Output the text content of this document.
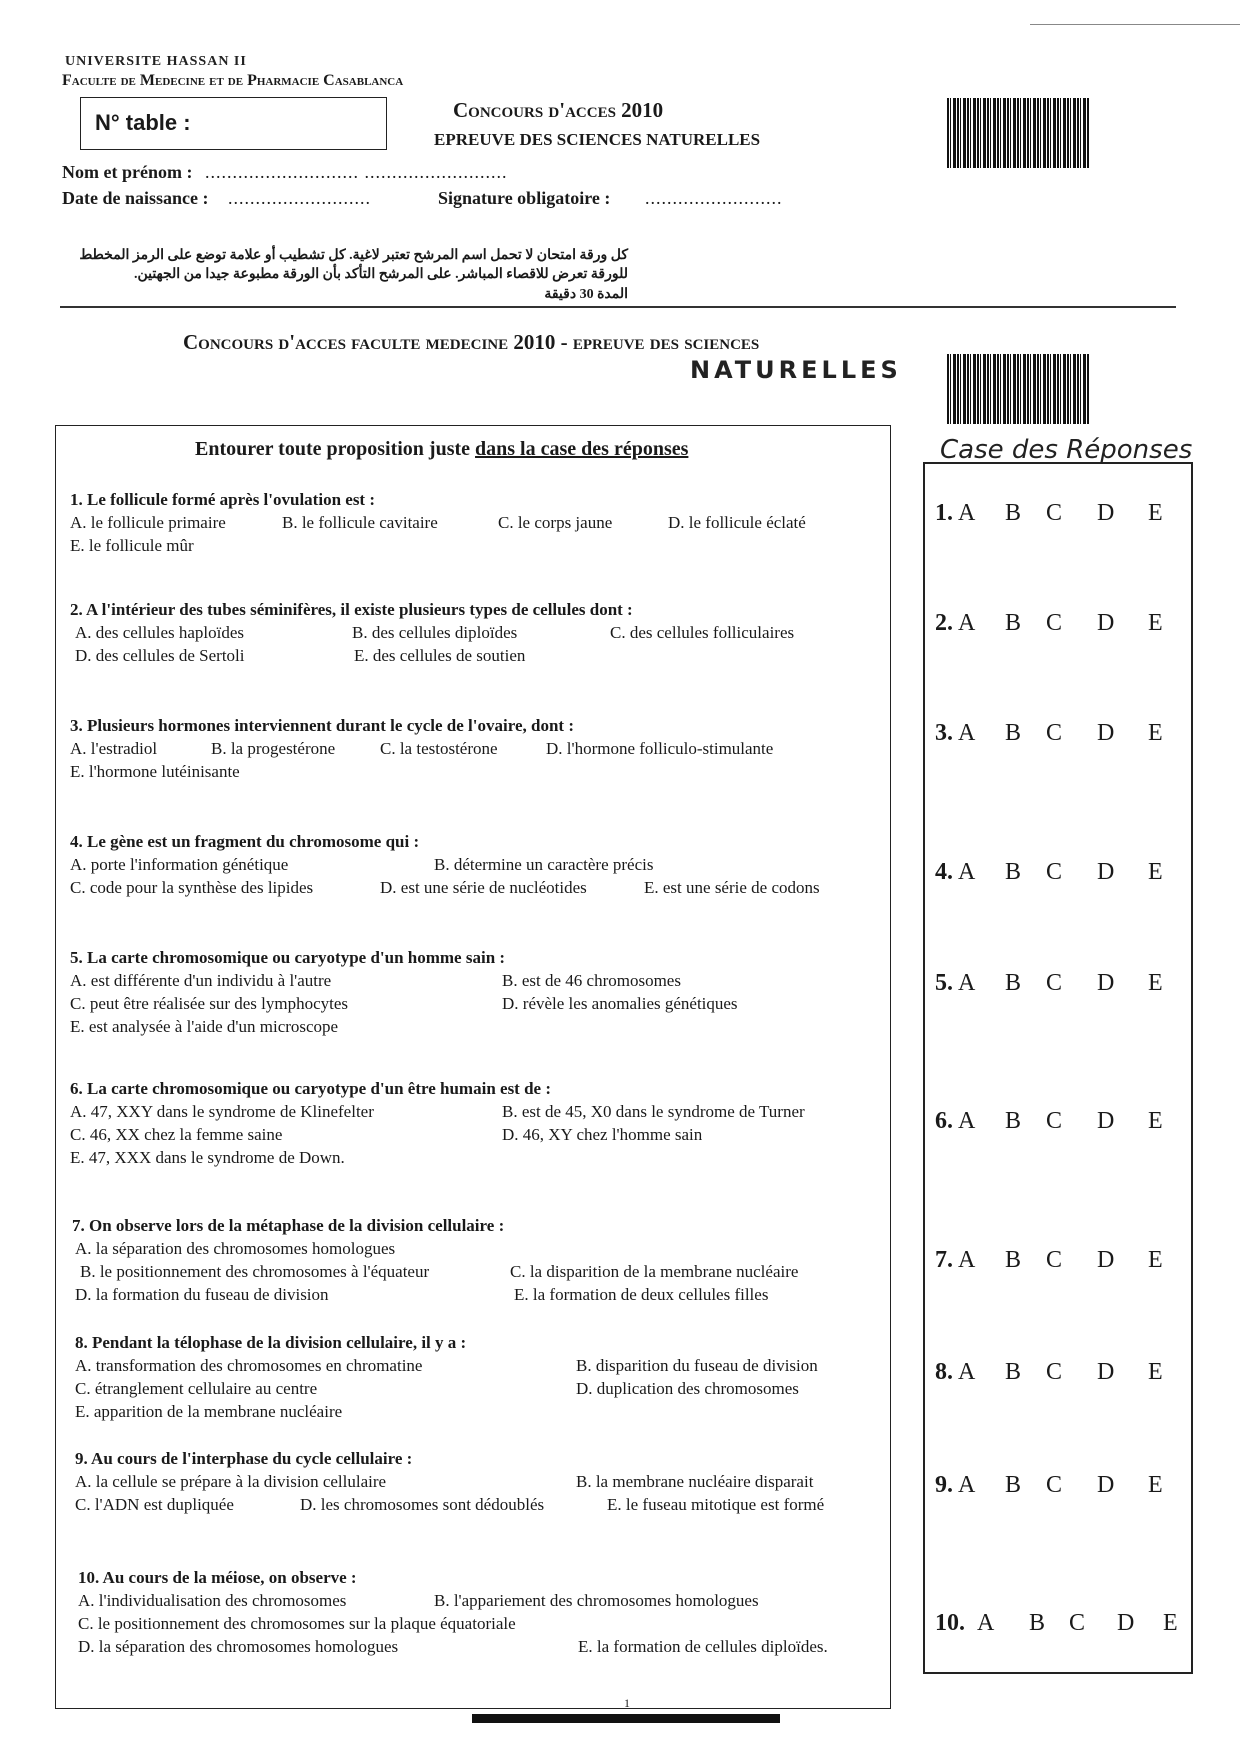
UNIVERSITE HASSAN II
Faculte de Medecine et de Pharmacie Casablanca
N° table :	Concours d'acces 2010
EPREUVE DES SCIENCES NATURELLES
Nom et prénom : ............................ ..........................
Date de naissance : ..........................	Signature obligatoire : .........................
كل ورقة امتحان لا تحمل اسم المرشح تعتبر لاغية. كل تشطيب أو علامة توضع على الرمز المخطط
للورقة تعرض للاقصاء المباشر. على المرشح التأكد بأن الورقة مطبوعة جيدا من الجهتين.
المدة 30 دقيقة
Concours d'acces faculte medecine 2010 - epreuve des sciences
NATURELLES
Entourer toute proposition juste dans la case des réponses	Case des Réponses
1. Le follicule formé après l'ovulation est :
A. le follicule primaire	B. le follicule cavitaire	C. le corps jaune	D. le follicule éclaté
E. le follicule mûr
2. A l'intérieur des tubes séminifères, il existe plusieurs types de cellules dont :
A. des cellules haploïdes	B. des cellules diploïdes	C. des cellules folliculaires
D. des cellules de Sertoli	E. des cellules de soutien
3. Plusieurs hormones interviennent durant le cycle de l'ovaire, dont :
A. l'estradiol	B. la progestérone	C. la testostérone	D. l'hormone folliculo-stimulante
E. l'hormone lutéinisante
4. Le gène est un fragment du chromosome qui :
A. porte l'information génétique	B. détermine un caractère précis
C. code pour la synthèse des lipides	D. est une série de nucléotides	E. est une série de codons
5. La carte chromosomique ou caryotype d'un homme sain :
A. est différente d'un individu à l'autre	B. est de 46 chromosomes
C. peut être réalisée sur des lymphocytes	D. révèle les anomalies génétiques
E. est analysée à l'aide d'un microscope
6. La carte chromosomique ou caryotype d'un être humain est de :
A. 47, XXY dans le syndrome de Klinefelter	B. est de 45, X0 dans le syndrome de Turner
C. 46, XX chez la femme saine	D. 46, XY chez l'homme sain
E. 47, XXX dans le syndrome de Down.
7. On observe lors de la métaphase de la division cellulaire :
A. la séparation des chromosomes homologues
B. le positionnement des chromosomes à l'équateur	C. la disparition de la membrane nucléaire
D. la formation du fuseau de division	E. la formation de deux cellules filles
8. Pendant la télophase de la division cellulaire, il y a :
A. transformation des chromosomes en chromatine	B. disparition du fuseau de division
C. étranglement cellulaire au centre	D. duplication des chromosomes
E. apparition de la membrane nucléaire
9. Au cours de l'interphase du cycle cellulaire :
A. la cellule se prépare à la division cellulaire	B. la membrane nucléaire disparait
C. l'ADN est dupliquée	D. les chromosomes sont dédoublés	E. le fuseau mitotique est formé
10. Au cours de la méiose, on observe :
A. l'individualisation des chromosomes	B. l'appariement des chromosomes homologues
C. le positionnement des chromosomes sur la plaque équatoriale
D. la séparation des chromosomes homologues	E. la formation de cellules diploïdes.
1. A B C D E
2. A B C D E
3. A B C D E
4. A B C D E
5. A B C D E
6. A B C D E
7. A B C D E
8. A B C D E
9. A B C D E
10. A B C D E
1
